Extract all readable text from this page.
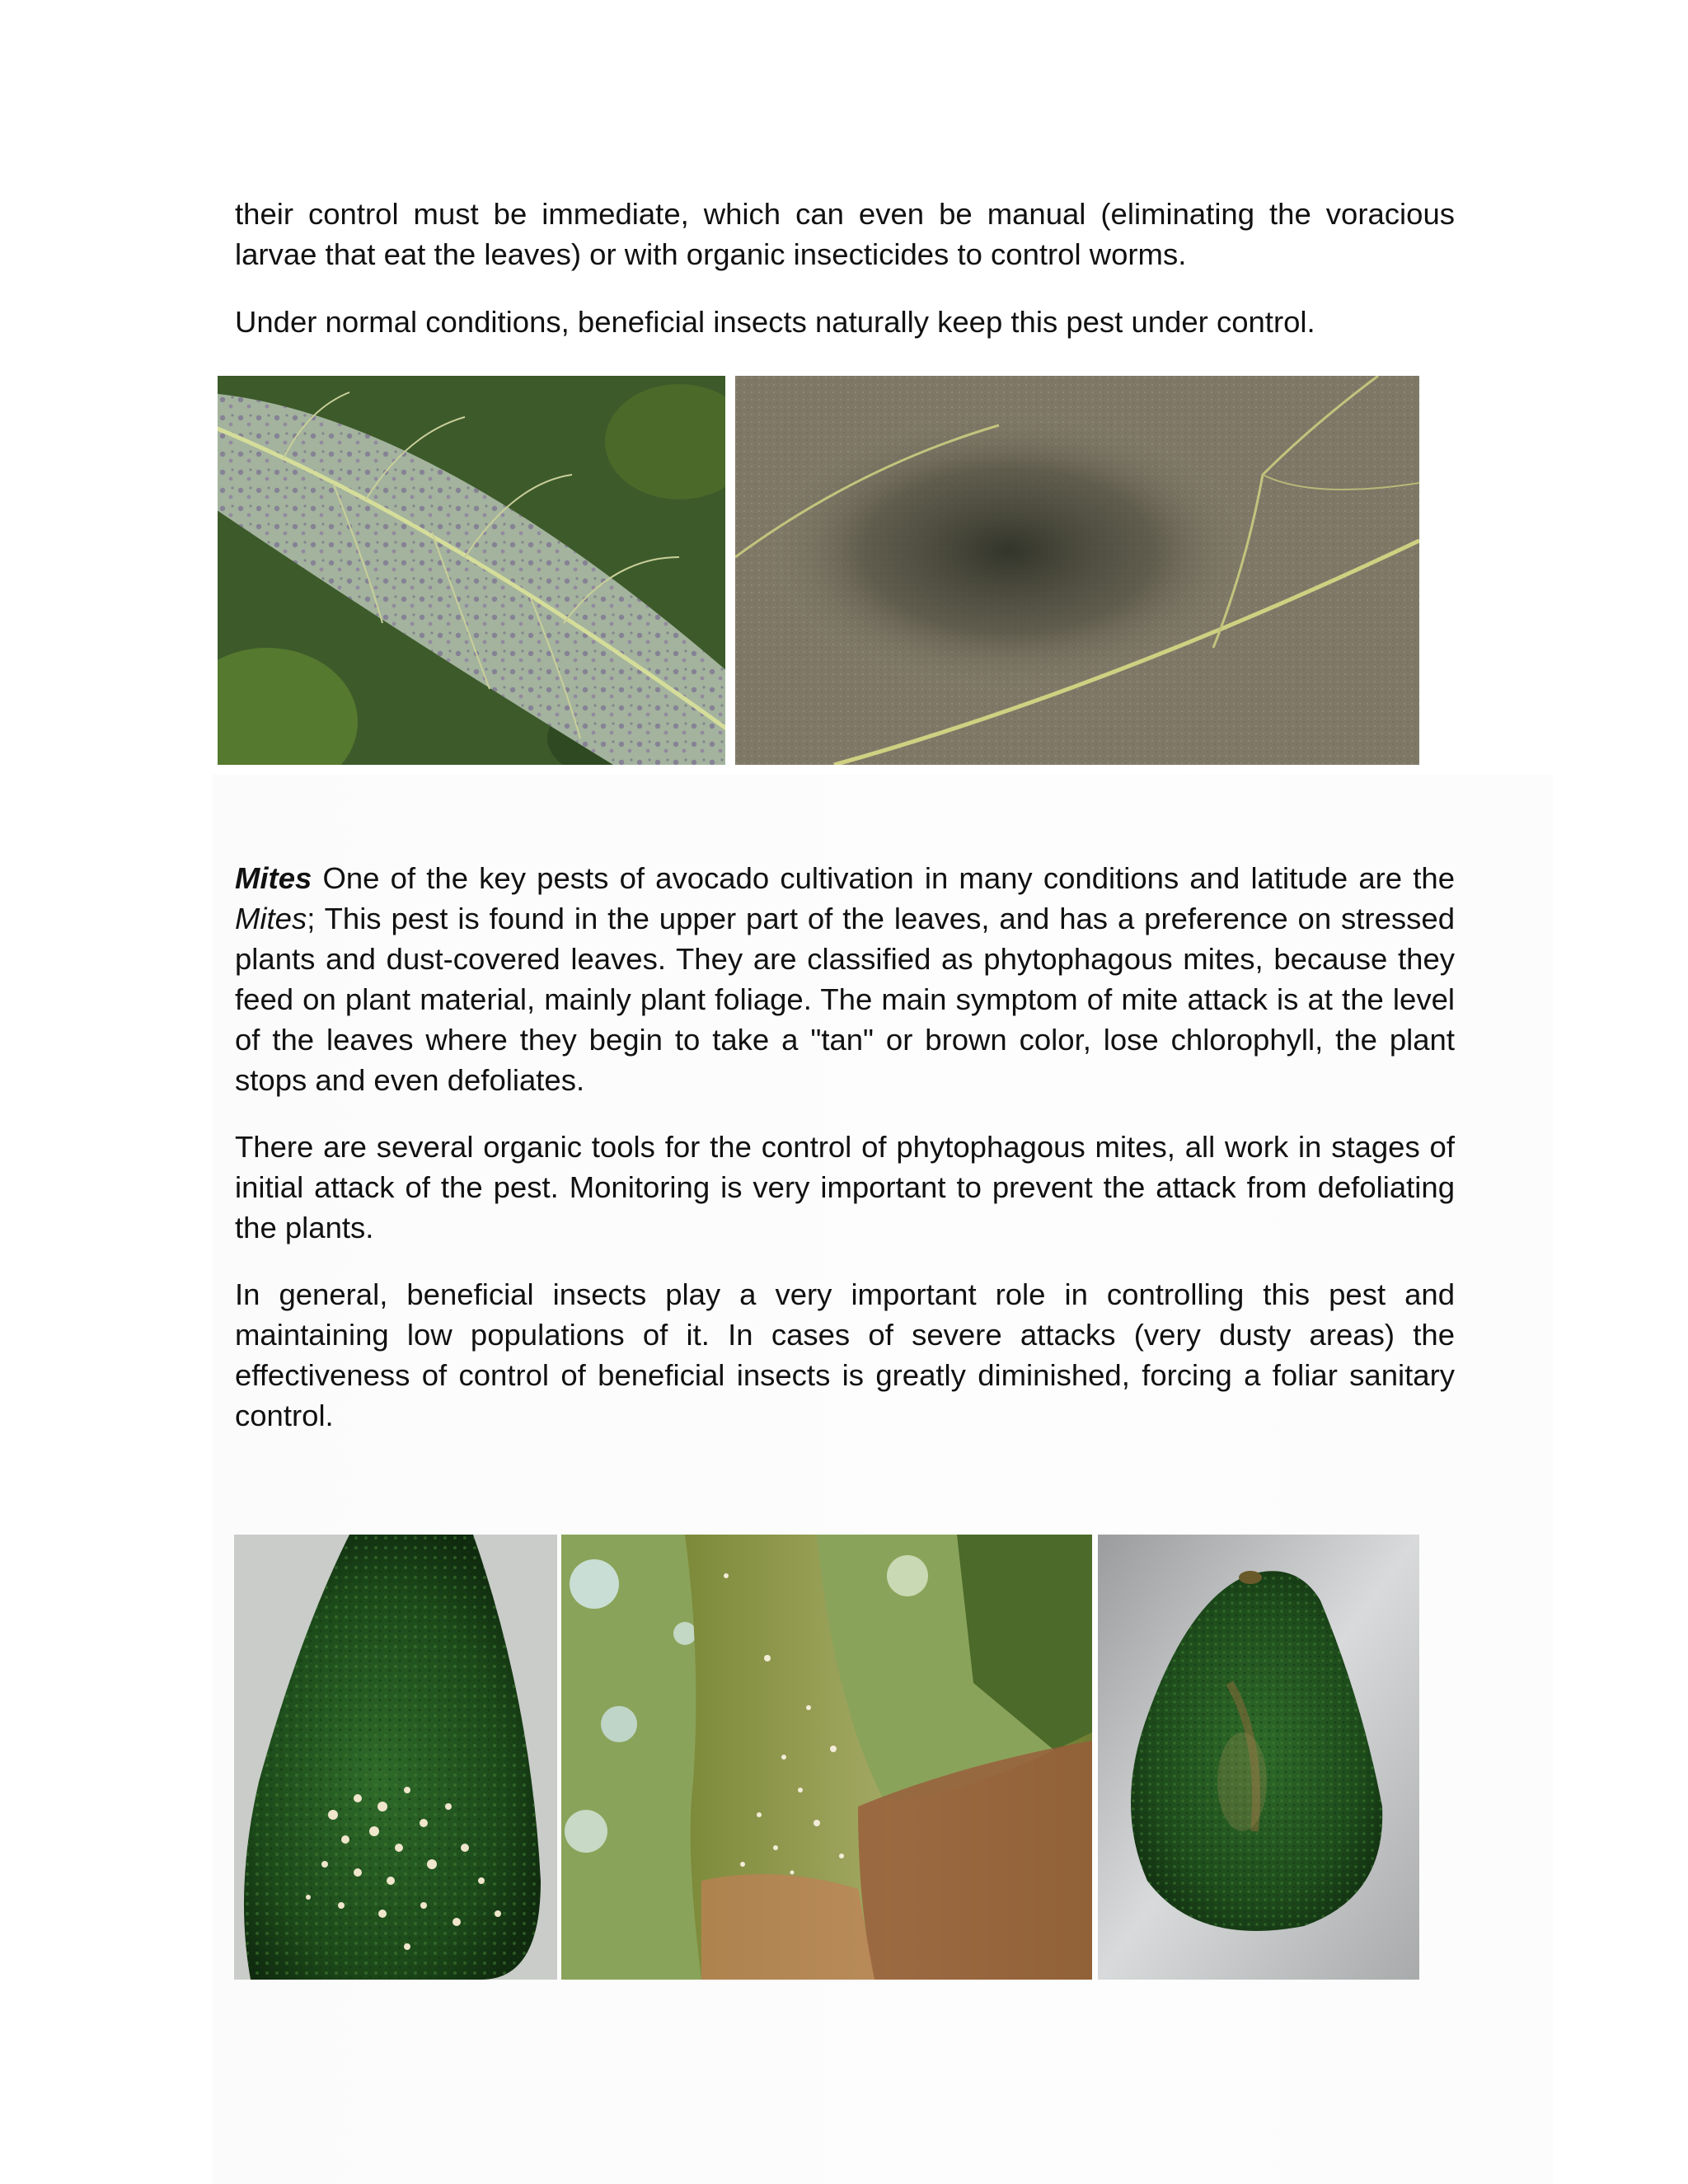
their control must be immediate, which can even be manual (eliminating the voracious larvae that eat the leaves) or with organic insecticides to control worms.

Under normal conditions, beneficial insects naturally keep this pest under control.

Mites One of the key pests of avocado cultivation in many conditions and latitude are the Mites; This pest is found in the upper part of the leaves, and has a preference on stressed plants and dust-covered leaves. They are classified as phytophagous mites, because they feed on plant material, mainly plant foliage. The main symptom of mite attack is at the level of the leaves where they begin to take a "tan" or brown color, lose chlorophyll, the plant stops and even defoliates.

There are several organic tools for the control of phytophagous mites, all work in stages of initial attack of the pest. Monitoring is very important to prevent the attack from defoliating the plants.

In general, beneficial insects play a very important role in controlling this pest and maintaining low populations of it. In cases of severe attacks (very dusty areas) the effectiveness of control of beneficial insects is greatly diminished, forcing a foliar sanitary control.
